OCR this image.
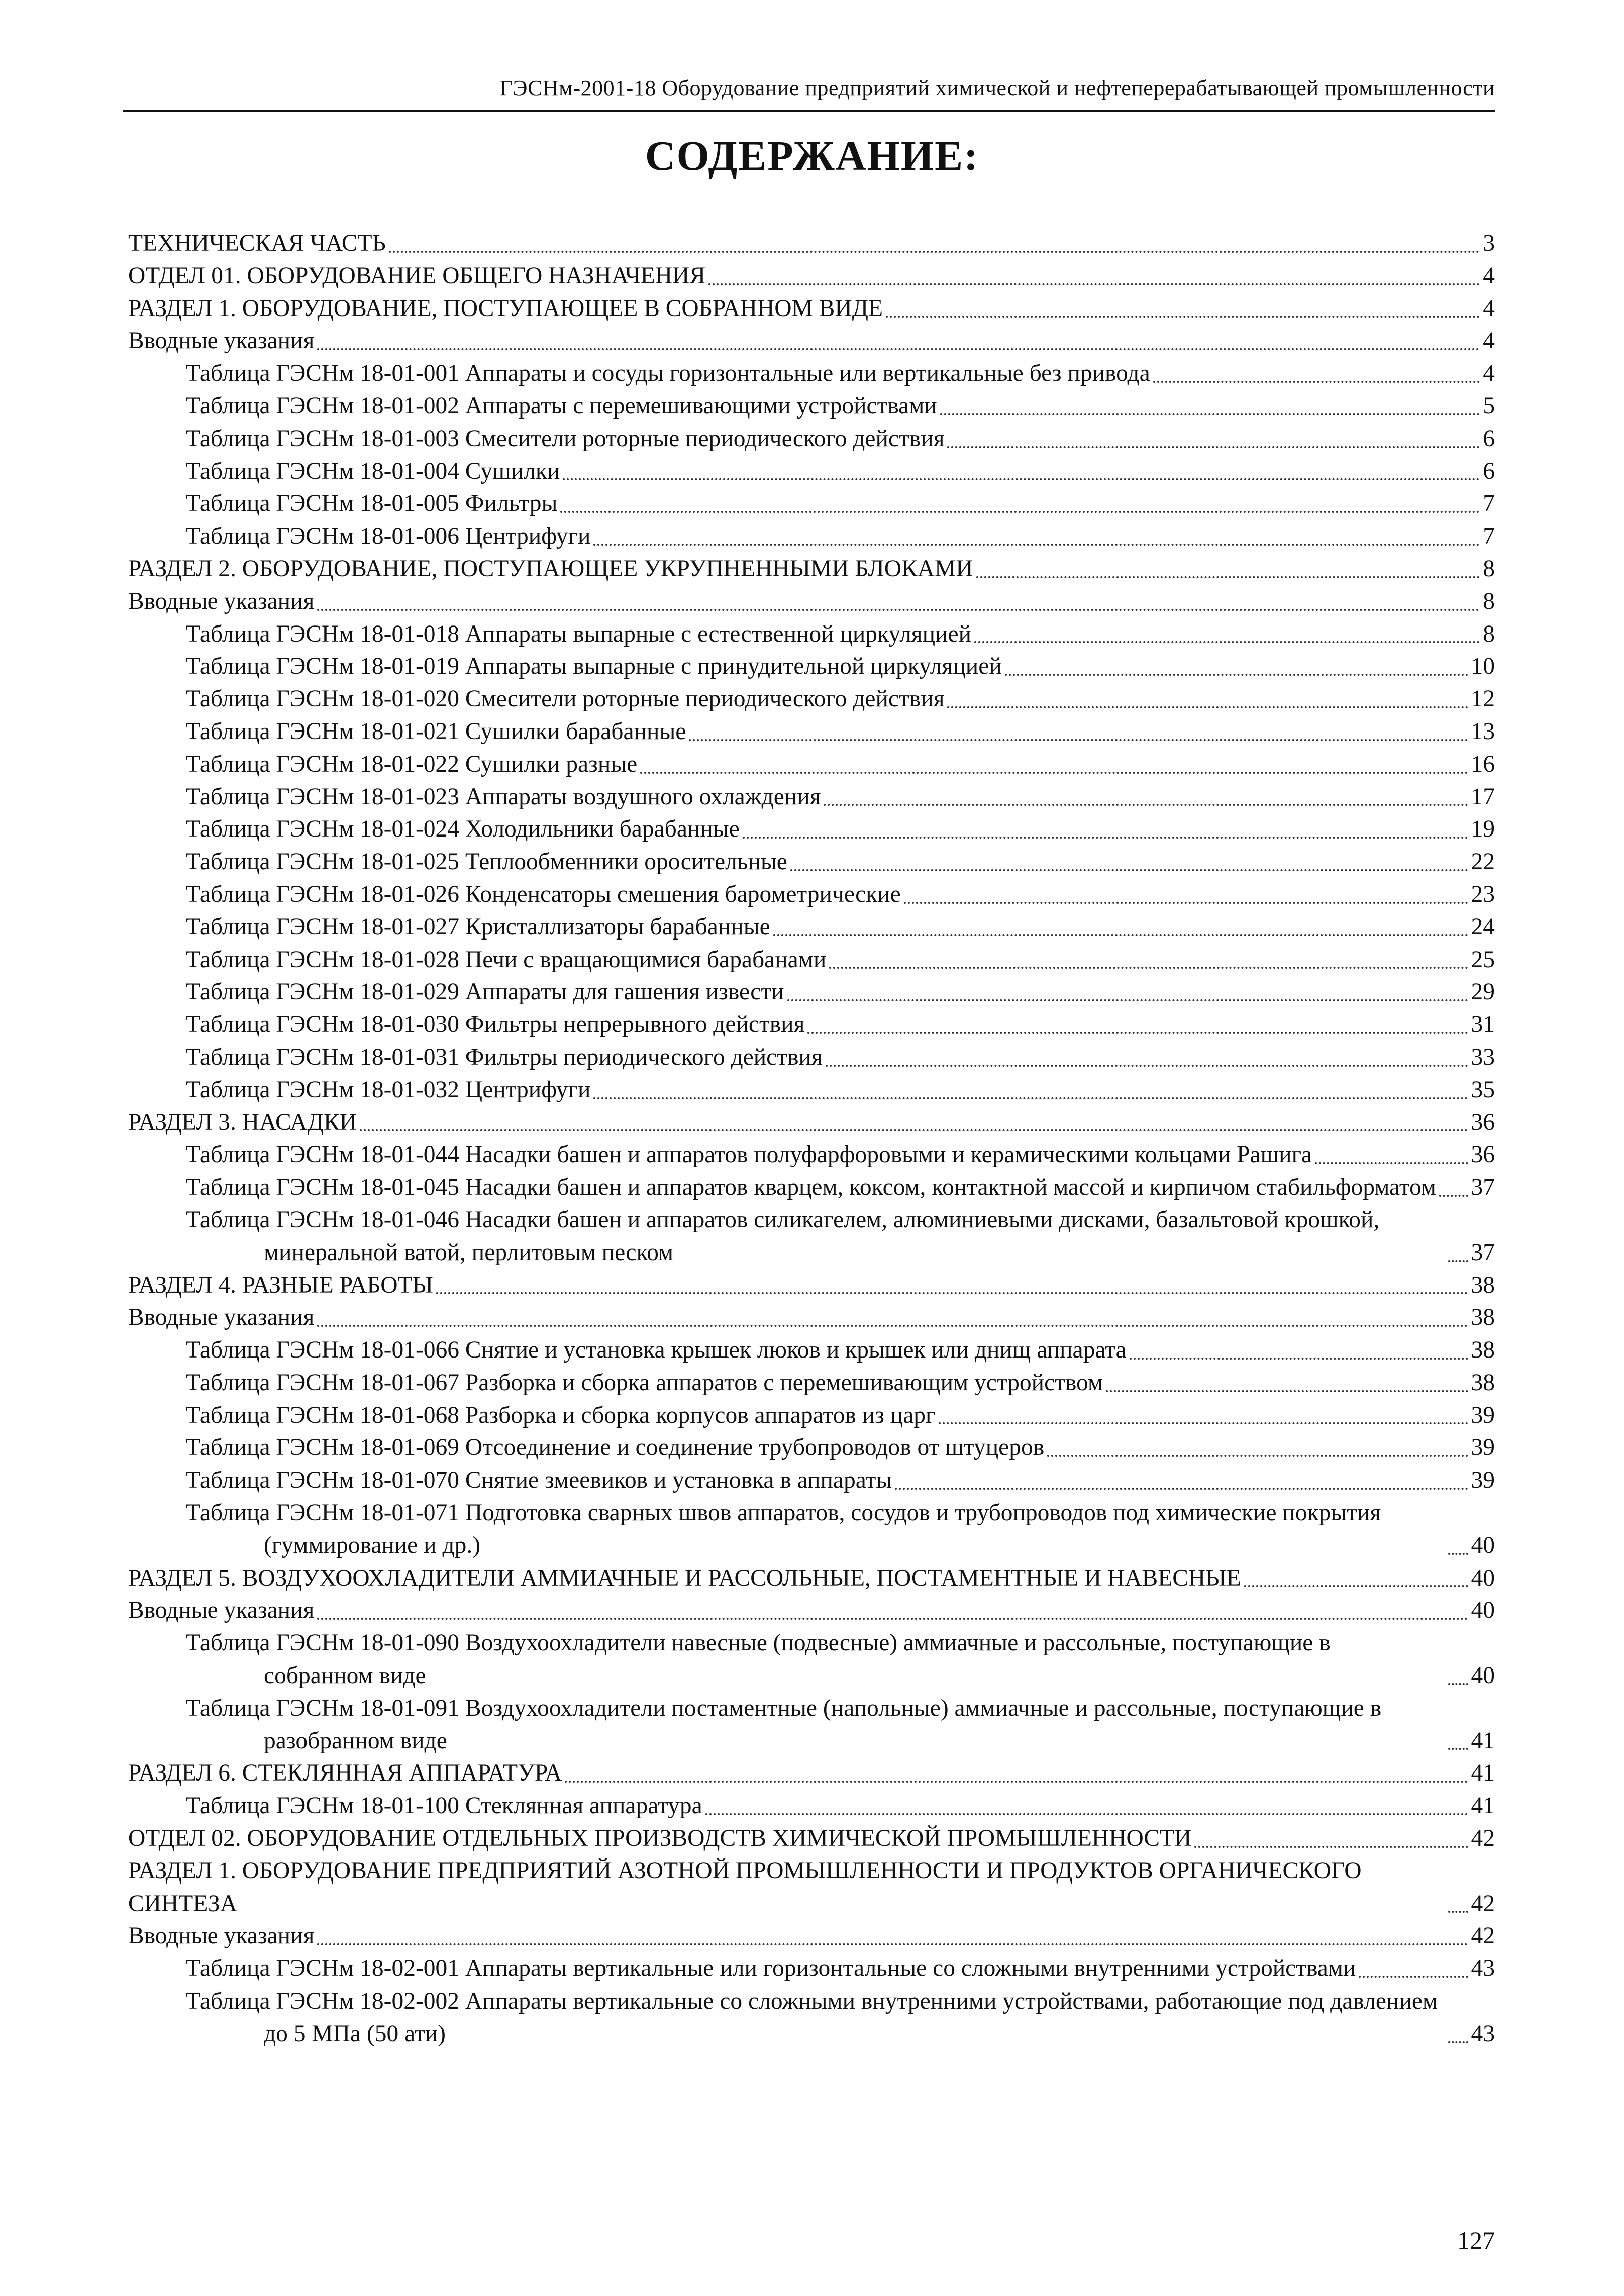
ГЭСНм-2001-18 Оборудование предприятий химической и нефтеперерабатывающей промышленности
СОДЕРЖАНИЕ:
ТЕХНИЧЕСКАЯ ЧАСТЬ	3
ОТДЕЛ 01. ОБОРУДОВАНИЕ ОБЩЕГО НАЗНАЧЕНИЯ	4
РАЗДЕЛ 1. ОБОРУДОВАНИЕ, ПОСТУПАЮЩЕЕ В СОБРАННОМ ВИДЕ	4
Вводные указания	4
Таблица ГЭСНм 18-01-001 Аппараты и сосуды горизонтальные или вертикальные без привода	4
Таблица ГЭСНм 18-01-002 Аппараты с перемешивающими устройствами	5
Таблица ГЭСНм 18-01-003 Смесители роторные периодического действия	6
Таблица ГЭСНм 18-01-004 Сушилки	6
Таблица ГЭСНм 18-01-005 Фильтры	7
Таблица ГЭСНм 18-01-006 Центрифуги	7
РАЗДЕЛ 2. ОБОРУДОВАНИЕ, ПОСТУПАЮЩЕЕ УКРУПНЕННЫМИ БЛОКАМИ	8
Вводные указания	8
Таблица ГЭСНм 18-01-018 Аппараты выпарные с естественной циркуляцией	8
Таблица ГЭСНм 18-01-019 Аппараты выпарные с принудительной циркуляцией	10
Таблица ГЭСНм 18-01-020 Смесители роторные периодического действия	12
Таблица ГЭСНм 18-01-021 Сушилки барабанные	13
Таблица ГЭСНм 18-01-022 Сушилки разные	16
Таблица ГЭСНм 18-01-023 Аппараты воздушного охлаждения	17
Таблица ГЭСНм 18-01-024 Холодильники барабанные	19
Таблица ГЭСНм 18-01-025 Теплообменники оросительные	22
Таблица ГЭСНм 18-01-026 Конденсаторы смешения барометрические	23
Таблица ГЭСНм 18-01-027 Кристаллизаторы барабанные	24
Таблица ГЭСНм 18-01-028 Печи с вращающимися барабанами	25
Таблица ГЭСНм 18-01-029 Аппараты для гашения извести	29
Таблица ГЭСНм 18-01-030 Фильтры непрерывного действия	31
Таблица ГЭСНм 18-01-031 Фильтры периодического действия	33
Таблица ГЭСНм 18-01-032 Центрифуги	35
РАЗДЕЛ 3. НАСАДКИ	36
Таблица ГЭСНм 18-01-044 Насадки башен и аппаратов полуфарфоровыми и керамическими кольцами Рашига	36
Таблица ГЭСНм 18-01-045 Насадки башен и аппаратов кварцем, коксом, контактной массой и кирпичом стабильформатом 37
Таблица ГЭСНм 18-01-046 Насадки башен и аппаратов силикагелем, алюминиевыми дисками, базальтовой крошкой, минеральной ватой, перлитовым песком	37
РАЗДЕЛ 4. РАЗНЫЕ РАБОТЫ	38
Вводные указания	38
Таблица ГЭСНм 18-01-066 Снятие и установка крышек люков и крышек или днищ аппарата	38
Таблица ГЭСНм 18-01-067 Разборка и сборка аппаратов с перемешивающим устройством	38
Таблица ГЭСНм 18-01-068 Разборка и сборка корпусов аппаратов из царг	39
Таблица ГЭСНм 18-01-069 Отсоединение и соединение трубопроводов от штуцеров	39
Таблица ГЭСНм 18-01-070 Снятие змеевиков и установка в аппараты	39
Таблица ГЭСНм 18-01-071 Подготовка сварных швов аппаратов, сосудов и трубопроводов под химические покрытия (гуммирование и др.)	40
РАЗДЕЛ 5. ВОЗДУХООХЛАДИТЕЛИ АММИАЧНЫЕ И РАССОЛЬНЫЕ, ПОСТАМЕНТНЫЕ И НАВЕСНЫЕ	40
Вводные указания	40
Таблица ГЭСНм 18-01-090 Воздухоохладители навесные (подвесные) аммиачные и рассольные, поступающие в собранном виде	40
Таблица ГЭСНм 18-01-091 Воздухоохладители постаментные (напольные) аммиачные и рассольные, поступающие в разобранном виде	41
РАЗДЕЛ 6. СТЕКЛЯННАЯ АППАРАТУРА	41
Таблица ГЭСНм 18-01-100 Стеклянная аппаратура	41
ОТДЕЛ 02. ОБОРУДОВАНИЕ ОТДЕЛЬНЫХ ПРОИЗВОДСТВ ХИМИЧЕСКОЙ ПРОМЫШЛЕННОСТИ	42
РАЗДЕЛ 1. ОБОРУДОВАНИЕ ПРЕДПРИЯТИЙ АЗОТНОЙ ПРОМЫШЛЕННОСТИ И ПРОДУКТОВ ОРГАНИЧЕСКОГО СИНТЕЗА	42
Вводные указания	42
Таблица ГЭСНм 18-02-001 Аппараты вертикальные или горизонтальные со сложными внутренними устройствами	43
Таблица ГЭСНм 18-02-002 Аппараты вертикальные со сложными внутренними устройствами, работающие под давлением до 5 МПа (50 ати)	43
127
